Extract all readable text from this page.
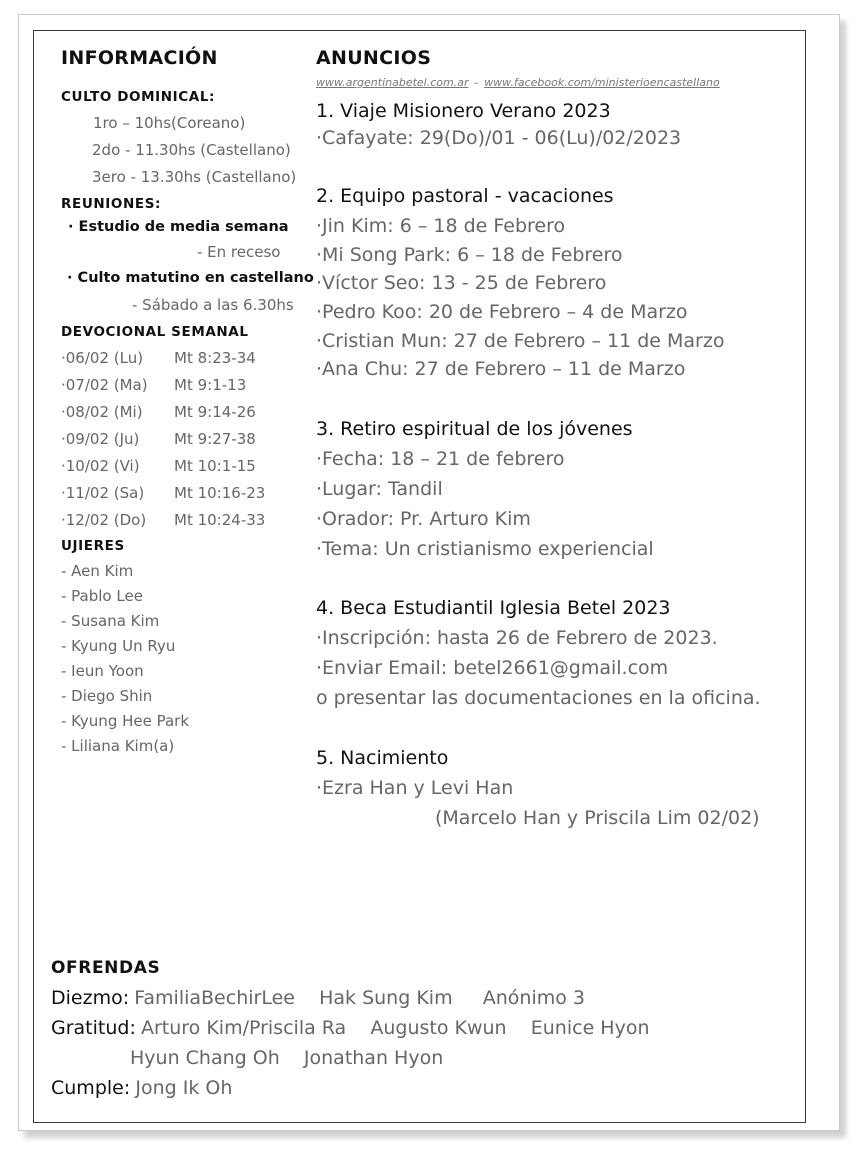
INFORMACIÓN
CULTO DOMINICAL:
1ro – 10hs(Coreano)
2do - 11.30hs (Castellano)
3ero - 13.30hs (Castellano)
REUNIONES:
· Estudio de media semana
- En receso
· Culto matutino en castellano
- Sábado a las 6.30hs
DEVOCIONAL SEMANAL
·06/02 (Lu) Mt 8:23-34
·07/02 (Ma) Mt 9:1-13
·08/02 (Mi) Mt 9:14-26
·09/02 (Ju) Mt 9:27-38
·10/02 (Vi) Mt 10:1-15
·11/02 (Sa) Mt 10:16-23
·12/02 (Do) Mt 10:24-33
UJIERES
- Aen Kim
- Pablo Lee
- Susana Kim
- Kyung Un Ryu
- Ieun Yoon
- Diego Shin
- Kyung Hee Park
- Liliana Kim(a)
ANUNCIOS
www.argentinabetel.com.ar – www.facebook.com/ministerioencastellano
1. Viaje Misionero Verano 2023
·Cafayate: 29(Do)/01 - 06(Lu)/02/2023
2. Equipo pastoral - vacaciones
·Jin Kim: 6 – 18 de Febrero
·Mi Song Park: 6 – 18 de Febrero
·Víctor Seo: 13 - 25 de Febrero
·Pedro Koo: 20 de Febrero – 4 de Marzo
·Cristian Mun: 27 de Febrero – 11 de Marzo
·Ana Chu: 27 de Febrero – 11 de Marzo
3. Retiro espiritual de los jóvenes
·Fecha: 18 – 21 de febrero
·Lugar: Tandil
·Orador: Pr. Arturo Kim
·Tema: Un cristianismo experiencial
4. Beca Estudiantil Iglesia Betel 2023
·Inscripción: hasta 26 de Febrero de 2023.
·Enviar Email: betel2661@gmail.com
o presentar las documentaciones en la oficina.
5. Nacimiento
·Ezra Han y Levi Han
(Marcelo Han y Priscila Lim 02/02)
OFRENDAS
Diezmo: FamiliaBechirLee    Hak Sung Kim     Anónimo 3
Gratitud: Arturo Kim/Priscila Ra    Augusto Kwun    Eunice Hyon
Hyun Chang Oh    Jonathan Hyon
Cumple: Jong Ik Oh
